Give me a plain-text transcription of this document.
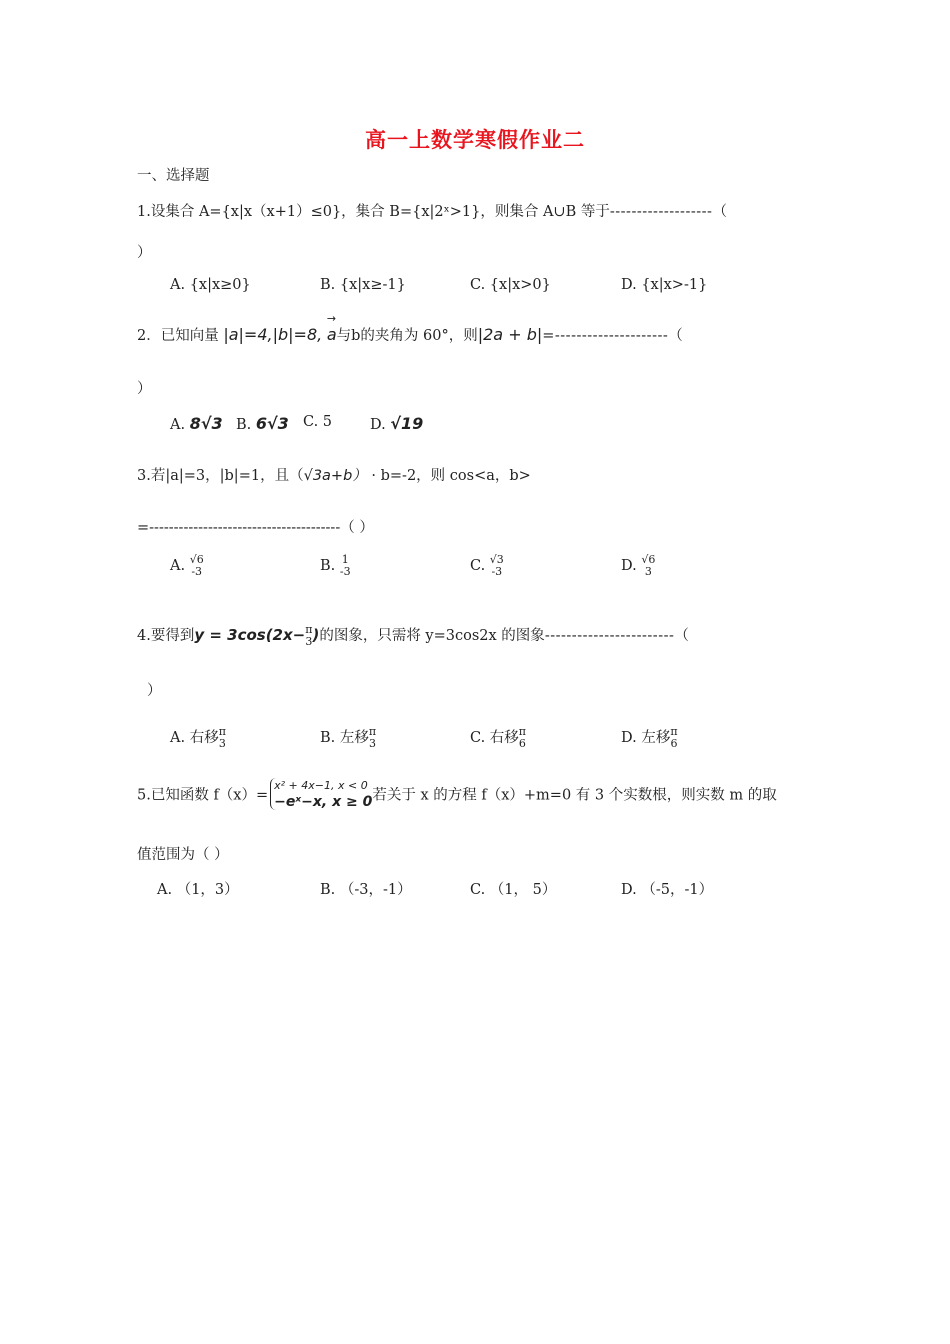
高一上数学寒假作业二
一、选择题
1.设集合 A={x|x（x+1）≤0}，集合 B={x|2ˣ>1}，则集合 A∪B 等于-------------------（
）
A. {x|x≥0}	B. {x|x≥-1}	C. {x|x>0}	D. {x|x>-1}
2．已知向量 |a|=4,|b|=8, → a与b的夹角为 60°，则|2a + b|=---------------------（
）
A. 8√3 B. 6√3 C. 5	D. √19
3.若|a|=3，|b|=1，且（√3a+b） · b=-2，则 cos<a，b>
=---------------------------------------（ ）
A. √6
-3	B. 1
-3	C. √3
-3	D. √6
3
4.要得到y = 3cos(2x− π
3 )的图象，只需将 y=3cos2x 的图象------------------------（
）
A. 右移 π
3	B. 左移 π
3	C. 右移 π
6	D. 左移 π
6
5.已知函数 f（x）=
x² + 4x−1, x < 0
−eˣ−x, x ≥ 0 若关于 x 的方程 f（x）+m=0 有 3 个实数根，则实数 m 的取
值范围为（ ）
A. （1，3）	B. （-3，-1）	C. （1， 5）	D. （-5，-1）
